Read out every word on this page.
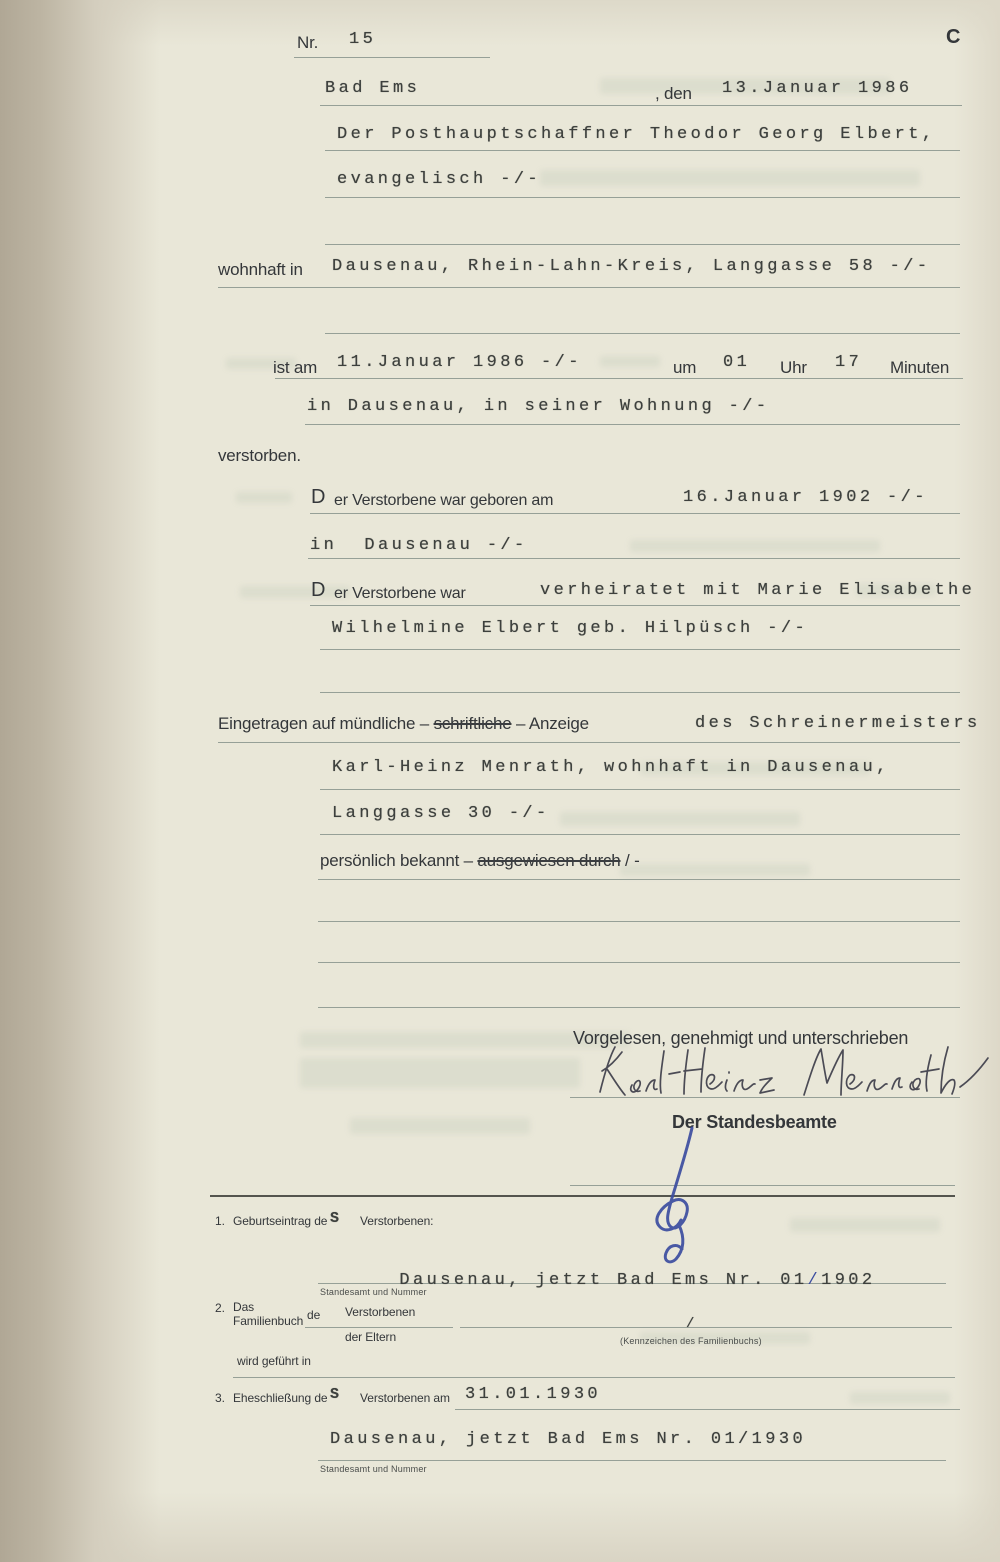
Nr. 15	C
Bad Ems	, den 13.Januar 1986
Der Posthauptschaffner Theodor Georg Elbert,
evangelisch -/-
wohnhaft in Dausenau, Rhein-Lahn-Kreis, Langgasse 58 -/-
ist am 11.Januar 1986 -/-	um 01 Uhr 17 Minuten
in Dausenau, in seiner Wohnung -/-
verstorben.
D er Verstorbene war geboren am	16.Januar 1902 -/-
in  Dausenau -/-
D er Verstorbene war	verheiratet mit Marie Elisabethe
Wilhelmine Elbert geb. Hilpüsch -/-
Eingetragen auf mündliche – schriftliche – Anzeige	des Schreinermeisters
Karl-Heinz Menrath, wohnhaft in Dausenau,
Langgasse 30 -/-
persönlich bekannt – ausgewiesen durch / -
Vorgelesen, genehmigt und unterschrieben
Der Standesbeamte
1. Geburtseintrag de S Verstorbenen:

Dausenau, jetzt Bad Ems Nr. 01/1902

Standesamt und Nummer
2. Das
Familienbuch de Verstorbenen
der Eltern
/
(Kennzeichen des Familienbuchs)
wird geführt in
3. Eheschließung de S Verstorbenen am 31.01.1930
Dausenau, jetzt Bad Ems Nr. 01/1930
Standesamt und Nummer
